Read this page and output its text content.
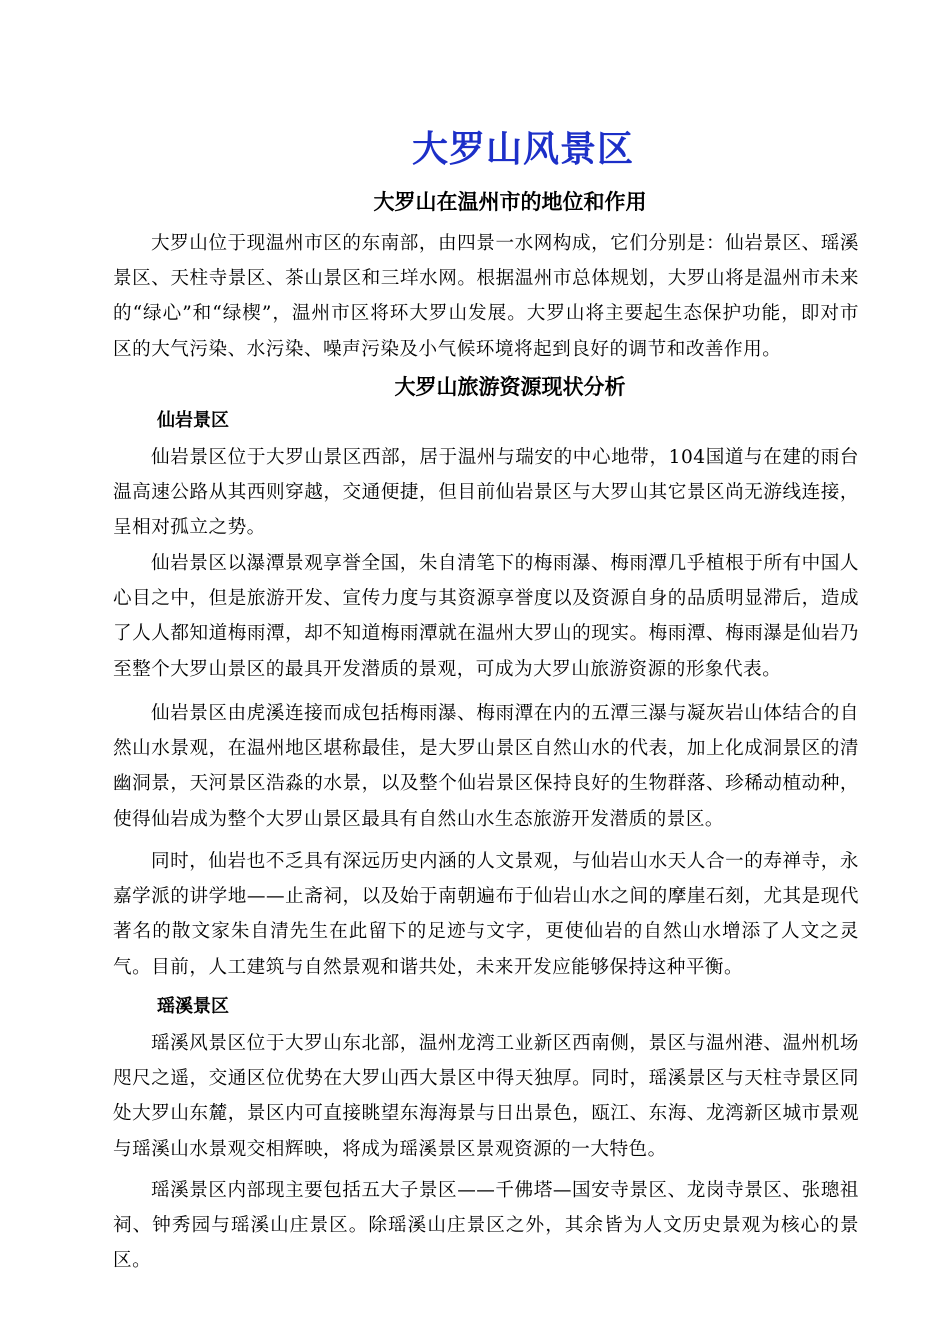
大罗山风景区
大罗山在温州市的地位和作用

大罗山位于现温州市区的东南部，由四景一水网构成，它们分别是：仙岩景区、瑶溪景区、天柱寺景区、茶山景区和三垟水网。根据温州市总体规划，大罗山将是温州市未来的“绿心”和“绿楔”，温州市区将环大罗山发展。大罗山将主要起生态保护功能，即对市区的大气污染、水污染、噪声污染及小气候环境将起到良好的调节和改善作用。

大罗山旅游资源现状分析
仙岩景区

仙岩景区位于大罗山景区西部，居于温州与瑞安的中心地带，104国道与在建的雨台温高速公路从其西则穿越，交通便捷，但目前仙岩景区与大罗山其它景区尚无游线连接，呈相对孤立之势。

仙岩景区以瀑潭景观享誉全国，朱自清笔下的梅雨瀑、梅雨潭几乎植根于所有中国人心目之中，但是旅游开发、宣传力度与其资源享誉度以及资源自身的品质明显滞后，造成了人人都知道梅雨潭，却不知道梅雨潭就在温州大罗山的现实。梅雨潭、梅雨瀑是仙岩乃至整个大罗山景区的最具开发潜质的景观，可成为大罗山旅游资源的形象代表。

仙岩景区由虎溪连接而成包括梅雨瀑、梅雨潭在内的五潭三瀑与凝灰岩山体结合的自然山水景观，在温州地区堪称最佳，是大罗山景区自然山水的代表，加上化成洞景区的清幽洞景，天河景区浩淼的水景，以及整个仙岩景区保持良好的生物群落、珍稀动植动种，使得仙岩成为整个大罗山景区最具有自然山水生态旅游开发潜质的景区。

同时，仙岩也不乏具有深远历史内涵的人文景观，与仙岩山水天人合一的寿禅寺，永嘉学派的讲学地——止斋祠，以及始于南朝遍布于仙岩山水之间的摩崖石刻，尤其是现代著名的散文家朱自清先生在此留下的足迹与文字，更使仙岩的自然山水增添了人文之灵气。目前，人工建筑与自然景观和谐共处，未来开发应能够保持这种平衡。

瑶溪景区

瑶溪风景区位于大罗山东北部，温州龙湾工业新区西南侧，景区与温州港、温州机场咫尺之遥，交通区位优势在大罗山西大景区中得天独厚。同时，瑶溪景区与天柱寺景区同处大罗山东麓，景区内可直接眺望东海海景与日出景色，瓯江、东海、龙湾新区城市景观与瑶溪山水景观交相辉映，将成为瑶溪景区景观资源的一大特色。

瑶溪景区内部现主要包括五大子景区——千佛塔—国安寺景区、龙岗寺景区、张璁祖祠、钟秀园与瑶溪山庄景区。除瑶溪山庄景区之外，其余皆为人文历史景观为核心的景区。
